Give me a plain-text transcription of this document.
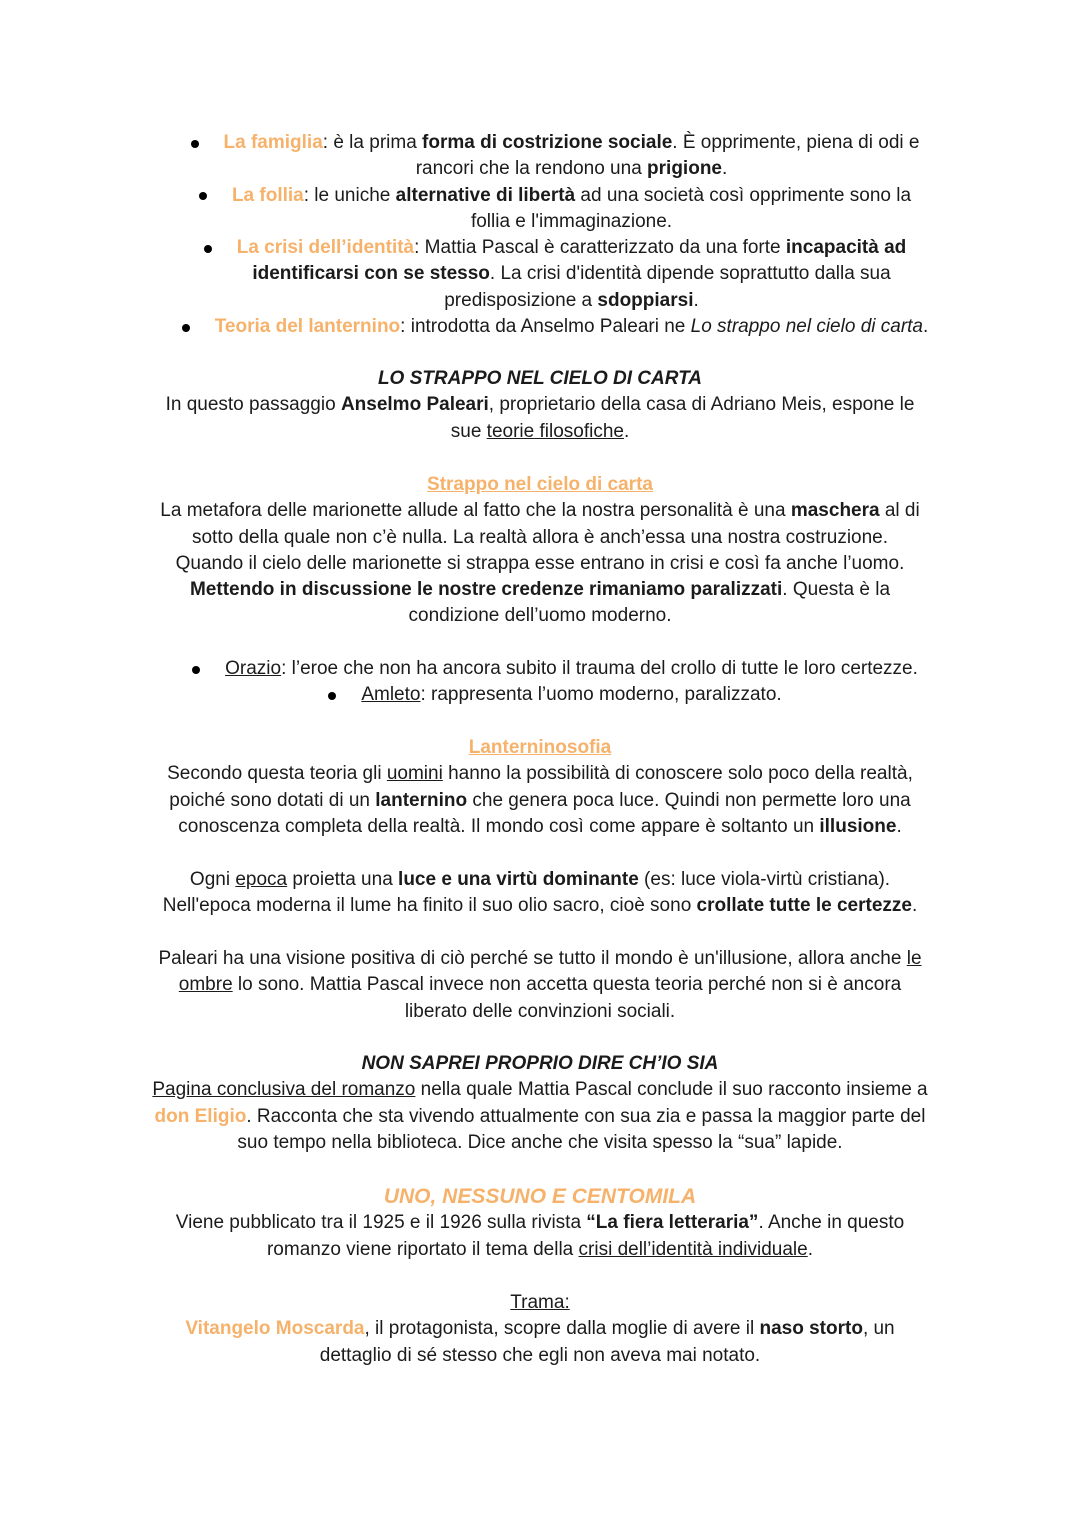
La famiglia: è la prima forma di costrizione sociale. È opprimente, piena di odi e
rancori che la rendono una prigione.
La follia: le uniche alternative di libertà ad una società così opprimente sono la
follia e l'immaginazione.
La crisi dell’identità: Mattia Pascal è caratterizzato da una forte incapacità ad
identificarsi con se stesso. La crisi d'identità dipende soprattutto dalla sua
predisposizione a sdoppiarsi.
Teoria del lanternino: introdotta da Anselmo Paleari ne Lo strappo nel cielo di carta.
LO STRAPPO NEL CIELO DI CARTA
In questo passaggio Anselmo Paleari, proprietario della casa di Adriano Meis, espone le
sue teorie filosofiche.
Strappo nel cielo di carta
La metafora delle marionette allude al fatto che la nostra personalità è una maschera al di
sotto della quale non c’è nulla. La realtà allora è anch’essa una nostra costruzione.
Quando il cielo delle marionette si strappa esse entrano in crisi e così fa anche l’uomo.
Mettendo in discussione le nostre credenze rimaniamo paralizzati. Questa è la
condizione dell’uomo moderno.
Orazio: l’eroe che non ha ancora subito il trauma del crollo di tutte le loro certezze.
Amleto: rappresenta l’uomo moderno, paralizzato.
Lanterninosofia
Secondo questa teoria gli uomini hanno la possibilità di conoscere solo poco della realtà,
poiché sono dotati di un lanternino che genera poca luce. Quindi non permette loro una
conoscenza completa della realtà. Il mondo così come appare è soltanto un illusione.
Ogni epoca proietta una luce e una virtù dominante (es: luce viola-virtù cristiana).
Nell'epoca moderna il lume ha finito il suo olio sacro, cioè sono crollate tutte le certezze.
Paleari ha una visione positiva di ciò perché se tutto il mondo è un'illusione, allora anche le
ombre lo sono. Mattia Pascal invece non accetta questa teoria perché non si è ancora
liberato delle convinzioni sociali.
NON SAPREI PROPRIO DIRE CH’IO SIA
Pagina conclusiva del romanzo nella quale Mattia Pascal conclude il suo racconto insieme a
don Eligio. Racconta che sta vivendo attualmente con sua zia e passa la maggior parte del
suo tempo nella biblioteca. Dice anche che visita spesso la “sua” lapide.
UNO, NESSUNO E CENTOMILA
Viene pubblicato tra il 1925 e il 1926 sulla rivista “La fiera letteraria”. Anche in questo
romanzo viene riportato il tema della crisi dell’identità individuale.
Trama:
Vitangelo Moscarda, il protagonista, scopre dalla moglie di avere il naso storto, un
dettaglio di sé stesso che egli non aveva mai notato.
